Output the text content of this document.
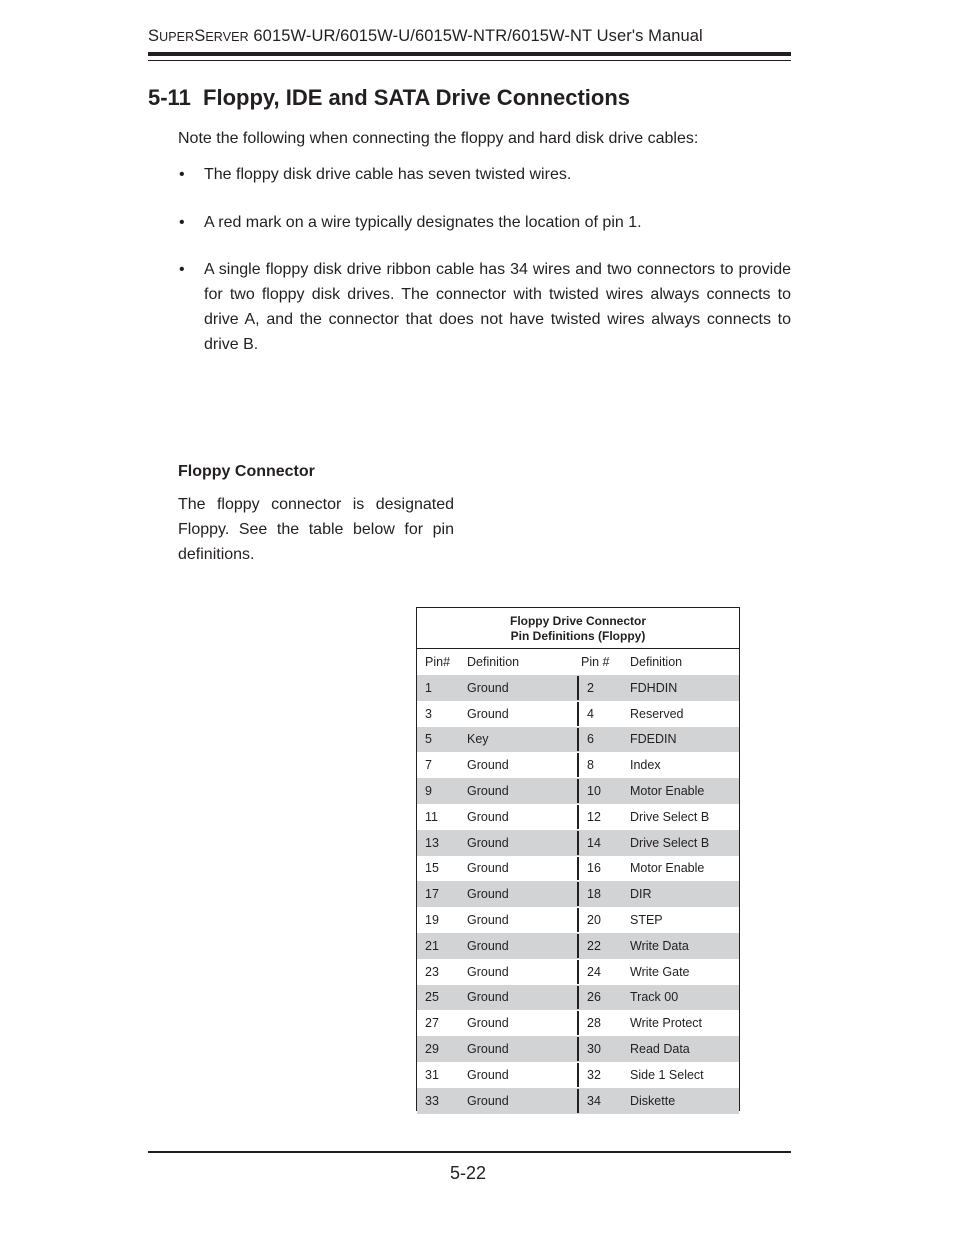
SUPERSERVER 6015W-UR/6015W-U/6015W-NTR/6015W-NT User's Manual
5-11  Floppy, IDE and SATA Drive Connections
Note the following when connecting the floppy and hard disk drive cables:
• The floppy disk drive cable has seven twisted wires.
• A red mark on a wire typically designates the location of pin 1.
• A single floppy disk drive ribbon cable has 34 wires and two connectors to provide for two floppy disk drives. The connector with twisted wires always connects to drive A, and the connector that does not have twisted wires always connects to drive B.
Floppy Connector
The floppy connector is designated Floppy. See the table below for pin definitions.
Floppy Drive Connector
Pin Definitions (Floppy)
Pin# Definition	Pin # Definition
1	Ground	2	FDHDIN
3	Ground	4	Reserved
5	Key	6	FDEDIN
7	Ground	8	Index
9	Ground	10 Motor Enable
11 Ground	12 Drive Select B
13 Ground	14 Drive Select B
15 Ground	16 Motor Enable
17 Ground	18 DIR
19 Ground	20 STEP
21 Ground	22 Write Data
23 Ground	24 Write Gate
25 Ground	26 Track 00
27 Ground	28 Write Protect
29 Ground	30 Read Data
31 Ground	32 Side 1 Select
33 Ground	34 Diskette
5-22
